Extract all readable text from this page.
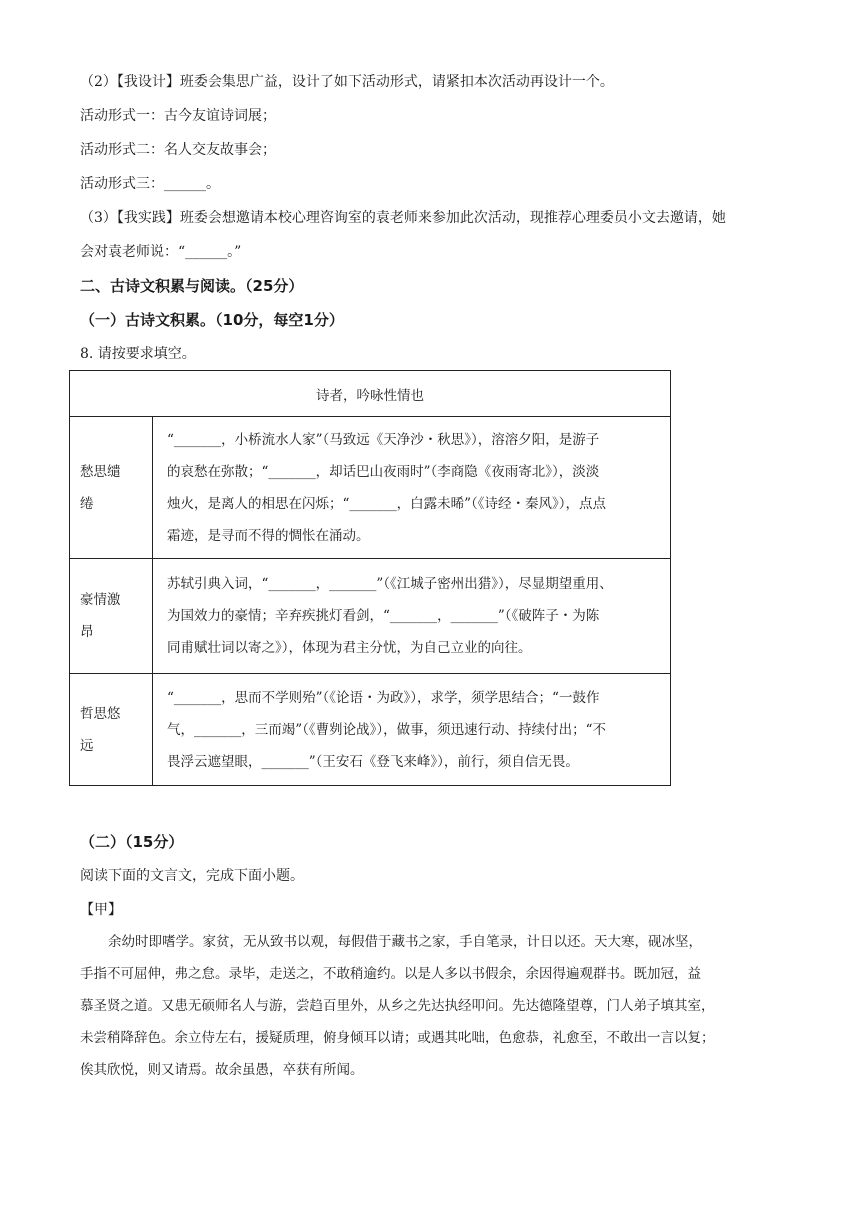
（2）【我设计】班委会集思广益，设计了如下活动形式，请紧扣本次活动再设计一个。
活动形式一：古今友谊诗词展；
活动形式二：名人交友故事会；
活动形式三：______。
（3）【我实践】班委会想邀请本校心理咨询室的袁老师来参加此次活动，现推荐心理委员小文去邀请，她
会对袁老师说：“______。”
二、古诗文积累与阅读。（25分）
（一）古诗文积累。（10分，每空1分）
8. 请按要求填空。
诗者，吟咏性情也	

愁思缱
绻	“_______，小桥流水人家”（马致远《天净沙・秋思》），溶溶夕阳，是游子
的哀愁在弥散；“_______，却话巴山夜雨时”（李商隐《夜雨寄北》），淡淡
烛火，是离人的相思在闪烁；“_______，白露未晞”（《诗经・秦风》），点点
霜迹，是寻而不得的惆怅在涌动。

豪情激
昂	苏轼引典入词，“_______，_______”（《江城子密州出猎》），尽显期望重用、
为国效力的豪情；辛弃疾挑灯看剑，“_______，_______”（《破阵子・为陈
同甫赋壮词以寄之》），体现为君主分忧，为自己立业的向往。

哲思悠
远	“_______，思而不学则殆”（《论语・为政》），求学，须学思结合；“一鼓作
气，_______，三而竭”（《曹刿论战》），做事，须迅速行动、持续付出；“不
畏浮云遮望眼，_______”（王安石《登飞来峰》），前行，须自信无畏。
（二）（15分）
阅读下面的文言文，完成下面小题。
【甲】
余幼时即嗜学。家贫，无从致书以观，每假借于藏书之家，手自笔录，计日以还。天大寒，砚冰坚，
手指不可屈伸，弗之怠。录毕，走送之，不敢稍逾约。以是人多以书假余，余因得遍观群书。既加冠，益
慕圣贤之道。又患无硕师名人与游，尝趋百里外，从乡之先达执经叩问。先达德隆望尊，门人弟子填其室，
未尝稍降辞色。余立侍左右，援疑质理，俯身倾耳以请；或遇其叱咄，色愈恭，礼愈至，不敢出一言以复；
俟其欣悦，则又请焉。故余虽愚，卒获有所闻。
